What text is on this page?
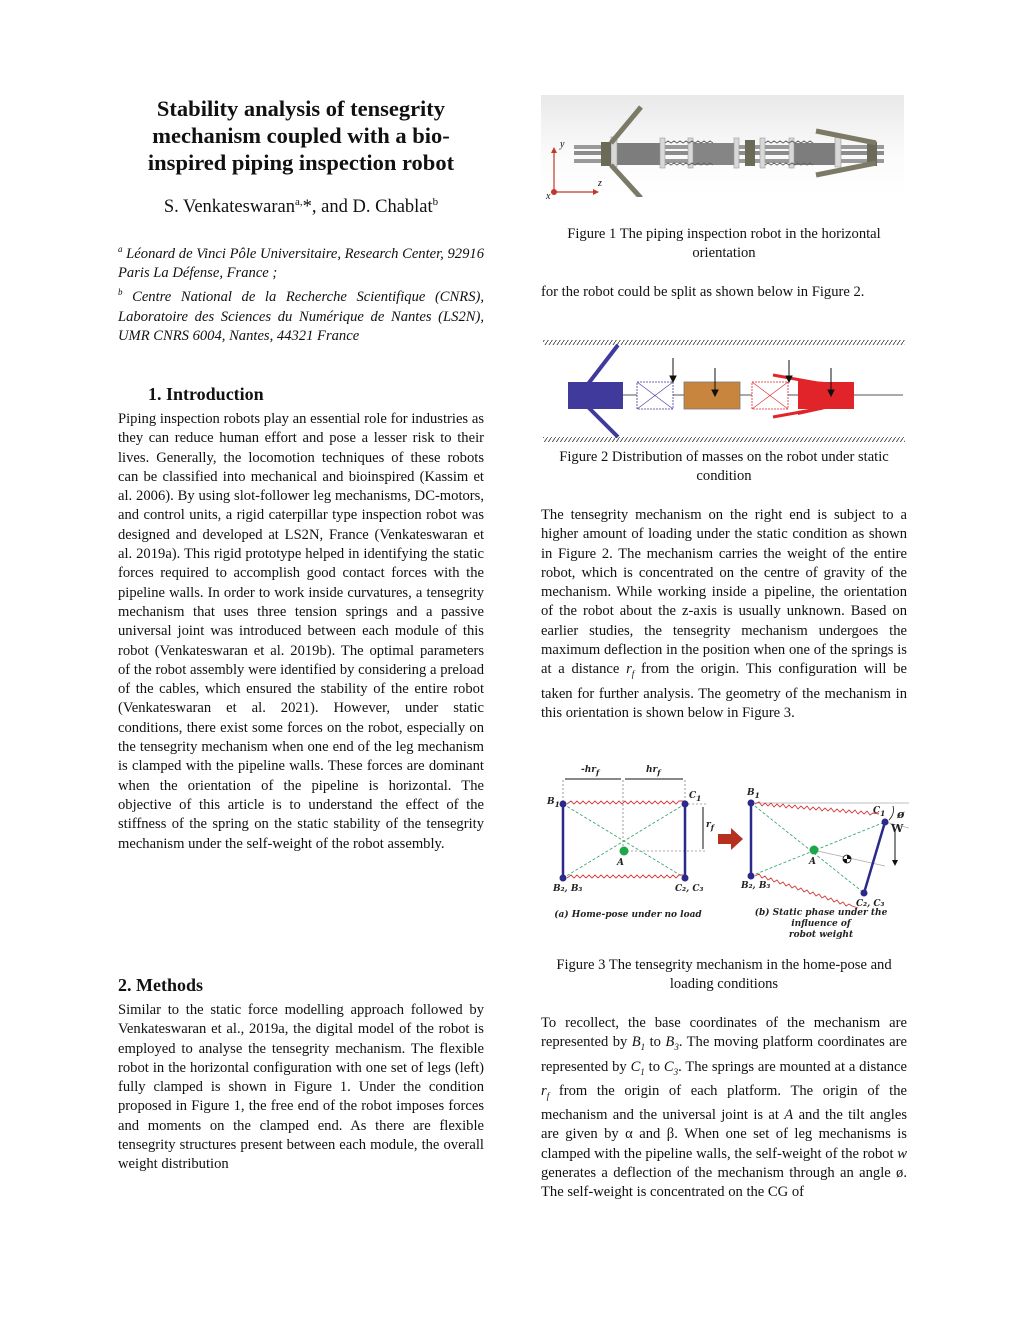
Stability analysis of tensegrity
mechanism coupled with a bio-
inspired piping inspection robot
S. Venkateswaran$^{a,}$*, and D. Chablat$^b$
$^a$ Léonard de Vinci Pôle Universitaire, Research Center, 92916 Paris La Défense, France ;
$^b$ Centre National de la Recherche Scientifique (CNRS), Laboratoire des Sciences du Numérique de Nantes (LS2N), UMR CNRS 6004, Nantes, 44321 France
1. Introduction
Piping inspection robots play an essential role for industries as they can reduce human effort and pose a lesser risk to their lives. Generally, the locomotion techniques of these robots can be classified into mechanical and bioinspired (Kassim et al. 2006). By using slot-follower leg mechanisms, DC-motors, and control units, a rigid caterpillar type inspection robot was designed and developed at LS2N, France (Venkateswaran et al. 2019a). This rigid prototype helped in identifying the static forces required to accomplish good contact forces with the pipeline walls. In order to work inside curvatures, a tensegrity mechanism that uses three tension springs and a passive universal joint was introduced between each module of this robot (Venkateswaran et al. 2019b). The optimal parameters of the robot assembly were identified by considering a preload of the cables, which ensured the stability of the entire robot (Venkateswaran et al. 2021). However, under static conditions, there exist some forces on the robot, especially on the tensegrity mechanism when one end of the leg mechanism is clamped with the pipeline walls. These forces are dominant when the orientation of the pipeline is horizontal. The objective of this article is to understand the effect of the stiffness of the spring on the static stability of the tensegrity mechanism under the self-weight of the robot assembly.
2. Methods
Similar to the static force modelling approach followed by Venkateswaran et al., 2019a, the digital model of the robot is employed to analyse the tensegrity mechanism. The flexible robot in the horizontal configuration with one set of legs (left) fully clamped is shown in Figure 1. Under the condition proposed in Figure 1, the free end of the robot imposes forces and moments on the clamped end. As there are flexible tensegrity structures present between each module, the overall weight distribution
y
z
x
Figure 1 The piping inspection robot in the horizontal orientation
for the robot could be split as shown below in Figure 2.
Figure 2 Distribution of masses on the robot under static condition
The tensegrity mechanism on the right end is subject to a higher amount of loading under the static condition as shown in Figure 2. The mechanism carries the weight of the entire robot, which is concentrated on the centre of gravity of the mechanism. While working inside a pipeline, the orientation of the robot about the z-axis is usually unknown. Based on earlier studies, the tensegrity mechanism undergoes the maximum deflection in the position when one of the springs is at a distance $r_f$ from the origin. This configuration will be taken for further analysis. The geometry of the mechanism in this orientation is shown below in Figure 3.
$-hr_f$	$hr_f$
$B_1$
$C_1$
$r_f$
A
B₂, B₃	C₂, C₃
$B_1$
$C_1$ ø
W
A
B₂, B₃
C₂, C₃
(a) Home-pose under no load	(b) Static phase under the influence of
robot weight
Figure 3 The tensegrity mechanism in the home-pose and loading conditions
To recollect, the base coordinates of the mechanism are represented by $B_1$ to $B_3$. The moving platform coordinates are represented by $C_1$ to $C_3$. The springs are mounted at a distance $r_f$ from the origin of each platform. The origin of the mechanism and the universal joint is at A and the tilt angles are given by α and β. When one set of leg mechanisms is clamped with the pipeline walls, the self-weight of the robot w generates a deflection of the mechanism through an angle ø. The self-weight is concentrated on the CG of
